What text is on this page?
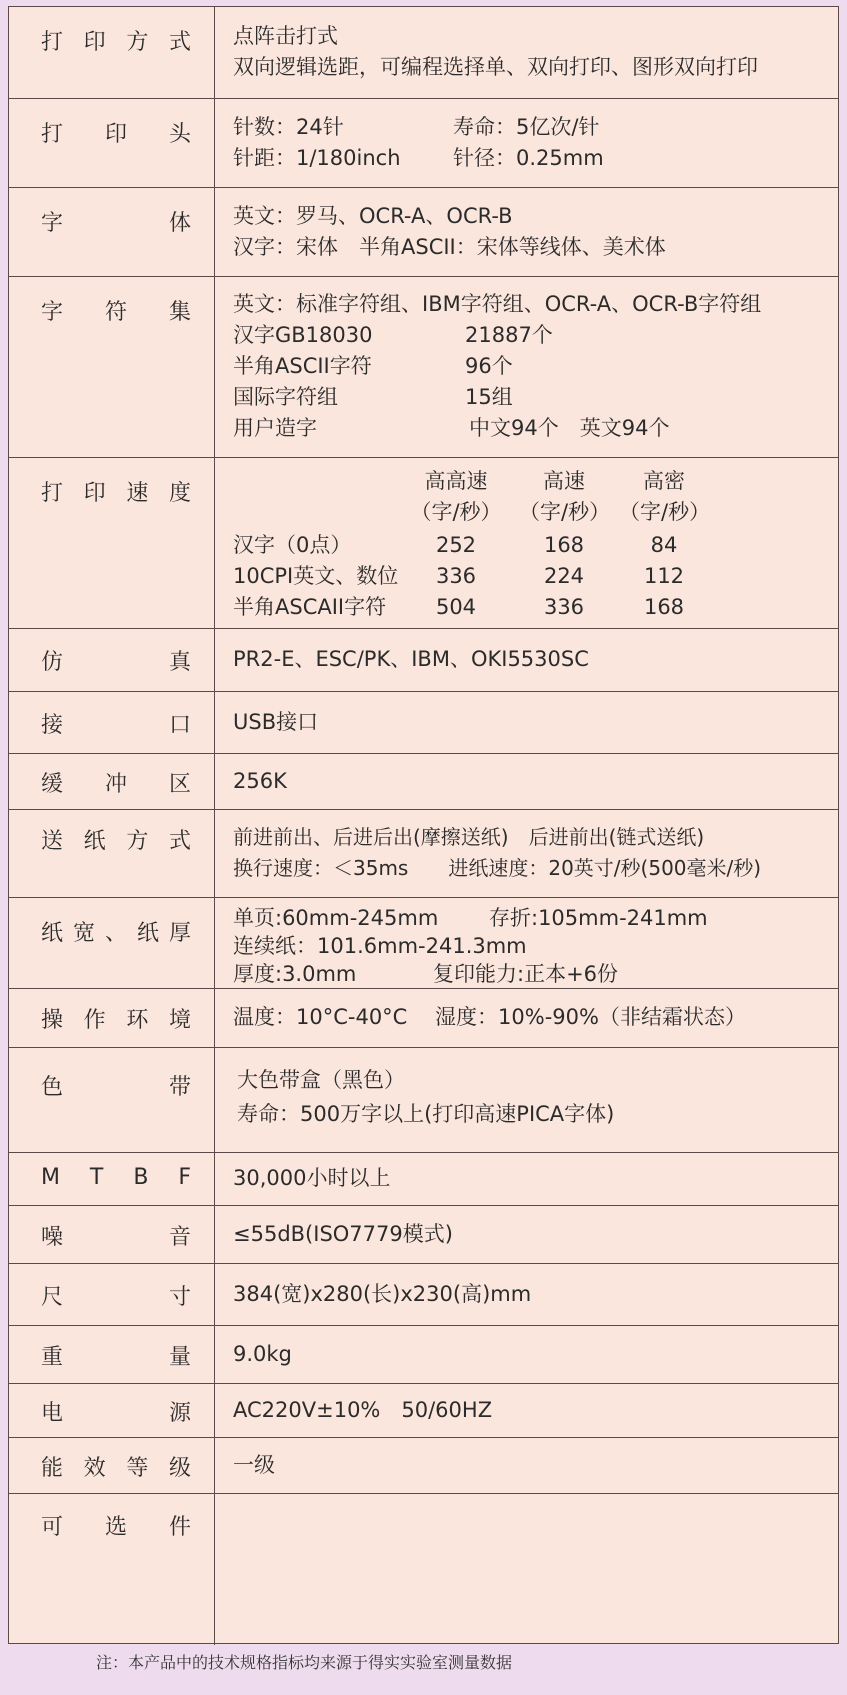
打 印 方 式 点阵击打式
双向逻辑选距，可编程选择单、双向打印、图形双向打印
打 印 头 针数：24针	寿命：5亿次/针
针距：1/180inch 针径：0.25mm
字	体 英文：罗马、OCR-A、OCR-B
汉字：宋体　半角ASCII：宋体等线体、美术体
字 符 集 英文：标准字符组、IBM字符组、OCR-A、OCR-B字符组
汉字GB18030	21887个
半角ASCII字符	96个
国际字符组	15组
用户造字	中文94个　英文94个
打 印 速 度	高高速	高速	高密
（字/秒） （字/秒） （字/秒）
汉字（0点）	252	168	84
10CPI英文、数位	336	224	112
半角ASCAII字符	504	336	168
仿	真 PR2-E、ESC/PK、IBM、OKI5530SC
接	口 USB接口
缓 冲 区 256K
送 纸 方 式 前进前出、后进后出(摩擦送纸)　后进前出(链式送纸)
换行速度：＜35ms　　进纸速度：20英寸/秒(500毫米/秒)
纸 宽 、 纸 厚
单页:60mm-245mm 存折:105mm-241mm
连续纸：101.6mm-241.3mm
厚度:3.0mm	复印能力:正本+6份
操 作 环 境 温度：10°C-40°C　 湿度：10%-90%（非结霜状态）
色	带 大色带盒（黑色）
寿命：500万字以上(打印高速PICA字体)
M T B F 30,000小时以上
噪	音 ≤55dB(ISO7779模式)
尺	寸 384(宽)x280(长)x230(高)mm
重	量 9.0kg
电	源 AC220V±10%　50/60HZ
能 效 等 级 一级
可 选 件
注：本产品中的技术规格指标均来源于得实实验室测量数据
